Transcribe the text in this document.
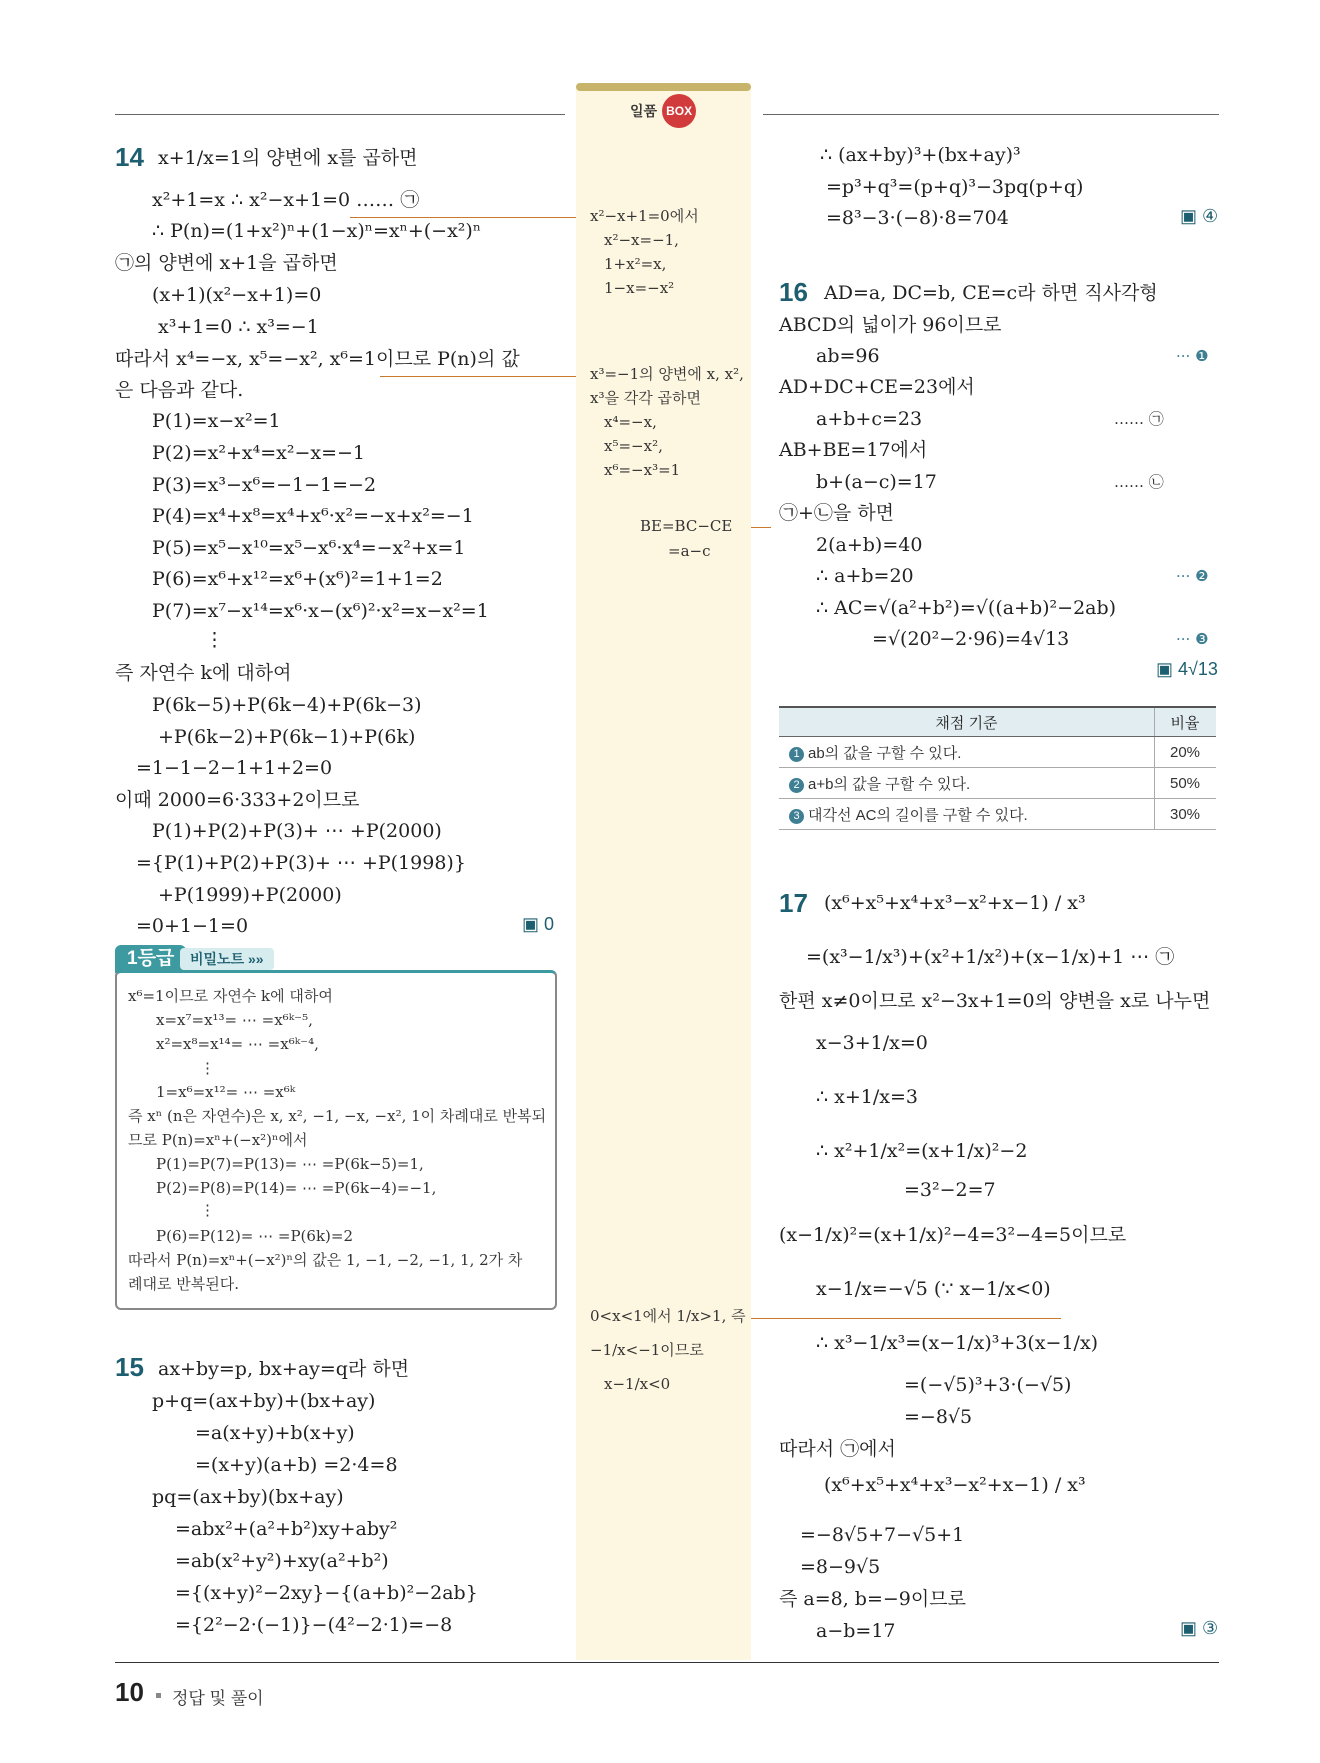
일품 BOX
14 x+1/x=1의 양변에 x를 곱하면
x²+1=x ∴ x²−x+1=0 …… ㉠
∴ P(n)=(1+x²)ⁿ+(1−x)ⁿ=xⁿ+(−x²)ⁿ
㉠의 양변에 x+1을 곱하면
(x+1)(x²−x+1)=0
x³+1=0 ∴ x³=−1
따라서 x⁴=−x, x⁵=−x², x⁶=1이므로 P(n)의 값
은 다음과 같다.
P(1)=x−x²=1
P(2)=x²+x⁴=x²−x=−1
P(3)=x³−x⁶=−1−1=−2
P(4)=x⁴+x⁸=x⁴+x⁶·x²=−x+x²=−1
P(5)=x⁵−x¹⁰=x⁵−x⁶·x⁴=−x²+x=1
P(6)=x⁶+x¹²=x⁶+(x⁶)²=1+1=2
P(7)=x⁷−x¹⁴=x⁶·x−(x⁶)²·x²=x−x²=1
⋮
즉 자연수 k에 대하여
P(6k−5)+P(6k−4)+P(6k−3)
+P(6k−2)+P(6k−1)+P(6k)
=1−1−2−1+1+2=0
이때 2000=6·333+2이므로
P(1)+P(2)+P(3)+ ⋯ +P(2000)
={P(1)+P(2)+P(3)+ ⋯ +P(1998)}
+P(1999)+P(2000)
=0+1−1=0	▣ 0
1등급	비밀노트 »»
x⁶=1이므로 자연수 k에 대하여
x=x⁷=x¹³= ⋯ =x⁶ᵏ⁻⁵,
x²=x⁸=x¹⁴= ⋯ =x⁶ᵏ⁻⁴,
⋮
1=x⁶=x¹²= ⋯ =x⁶ᵏ
즉 xⁿ (n은 자연수)은 x, x², −1, −x, −x², 1이 차례대로 반복되
므로 P(n)=xⁿ+(−x²)ⁿ에서
P(1)=P(7)=P(13)= ⋯ =P(6k−5)=1,
P(2)=P(8)=P(14)= ⋯ =P(6k−4)=−1,
⋮
P(6)=P(12)= ⋯ =P(6k)=2
따라서 P(n)=xⁿ+(−x²)ⁿ의 값은 1, −1, −2, −1, 1, 2가 차
례대로 반복된다.
15 ax+by=p, bx+ay=q라 하면
p+q=(ax+by)+(bx+ay)
=a(x+y)+b(x+y)
=(x+y)(a+b) =2·4=8
pq=(ax+by)(bx+ay)
=abx²+(a²+b²)xy+aby²
=ab(x²+y²)+xy(a²+b²)
={(x+y)²−2xy}−{(a+b)²−2ab}
={2²−2·(−1)}−(4²−2·1)=−8
x²−x+1=0에서
x²−x=−1,
1+x²=x,
1−x=−x²
x³=−1의 양변에 x, x²,
x³을 각각 곱하면
x⁴=−x,
x⁵=−x²,
x⁶=−x³=1
BE=BC−CE
=a−c
0<x<1에서 1/x>1, 즉
−1/x<−1이므로
x−1/x<0
∴ (ax+by)³+(bx+ay)³
=p³+q³=(p+q)³−3pq(p+q)
=8³−3·(−8)·8=704	▣ ④
16 AD=a, DC=b, CE=c라 하면 직사각형
ABCD의 넓이가 96이므로
ab=96
AD+DC+CE=23에서
a+b+c=23
AB+BE=17에서
b+(a−c)=17
㉠+㉡을 하면
2(a+b)=40
∴ a+b=20
∴ AC=√(a²+b²)=√((a+b)²−2ab)
=√(20²−2·96)=4√13
…… ㉠
…… ㉡
··· ❶
··· ❷
··· ❸
▣ 4√13
채점 기준	비율
1 ab의 값을 구할 수 있다.	20%
2 a+b의 값을 구할 수 있다.	50%
3 대각선 AC의 길이를 구할 수 있다.	30%
17 (x⁶+x⁵+x⁴+x³−x²+x−1) / x³
=(x³−1/x³)+(x²+1/x²)+(x−1/x)+1 ⋯ ㉠
한편 x≠0이므로 x²−3x+1=0의 양변을 x로 나누면
x−3+1/x=0
∴ x+1/x=3
∴ x²+1/x²=(x+1/x)²−2
=3²−2=7
(x−1/x)²=(x+1/x)²−4=3²−4=5이므로
x−1/x=−√5 (∵ x−1/x<0)
∴ x³−1/x³=(x−1/x)³+3(x−1/x)
=(−√5)³+3·(−√5)
=−8√5
따라서 ㉠에서
(x⁶+x⁵+x⁴+x³−x²+x−1) / x³
=−8√5+7−√5+1
=8−9√5
즉 a=8, b=−9이므로
a−b=17	▣ ③
10 정답 및 풀이
